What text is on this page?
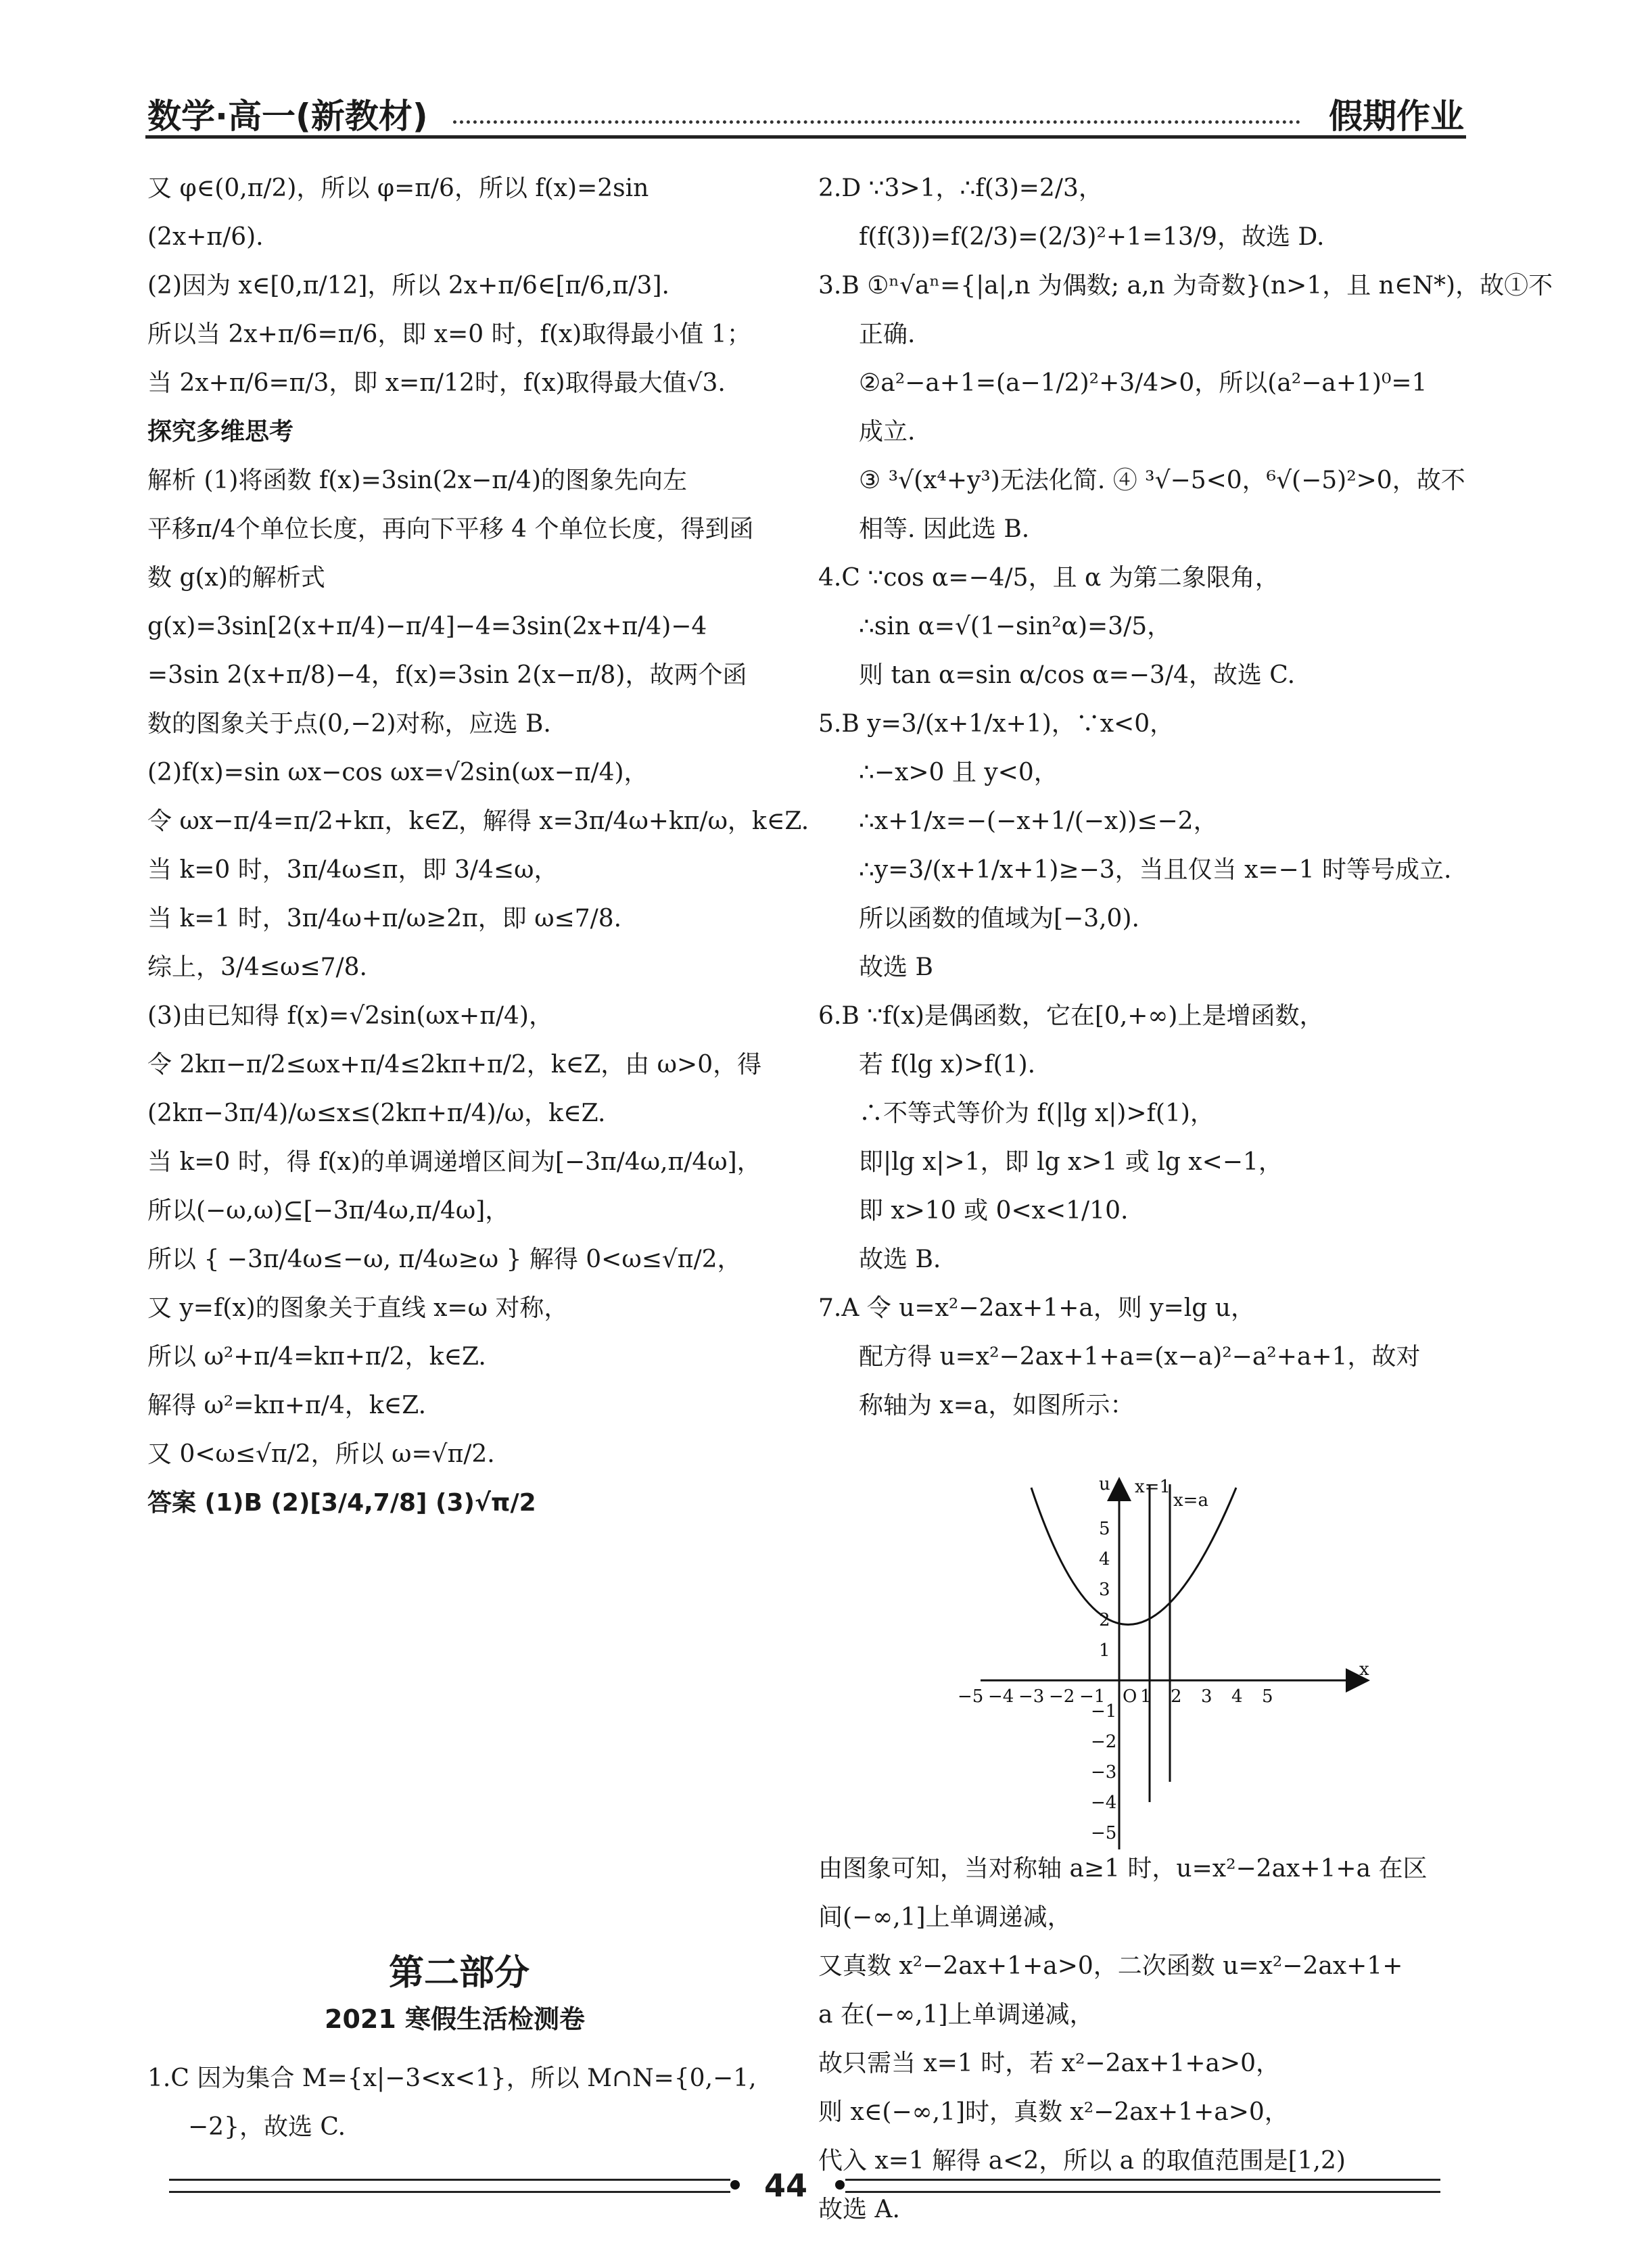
数学·高一(新教材)	假期作业

又 φ∈(0,π/2)，所以 φ=π/6，所以 f(x)=2sin

(2x+π/6).

(2)因为 x∈[0,π/12]，所以 2x+π/6∈[π/6,π/3].

所以当 2x+π/6=π/6，即 x=0 时，f(x)取得最小值 1；

当 2x+π/6=π/3，即 x=π/12时，f(x)取得最大值√3.

探究多维思考

解析 (1)将函数 f(x)=3sin(2x−π/4)的图象先向左

平移π/4个单位长度，再向下平移 4 个单位长度，得到函

数 g(x)的解析式

g(x)=3sin[2(x+π/4)−π/4]−4=3sin(2x+π/4)−4

=3sin 2(x+π/8)−4，f(x)=3sin 2(x−π/8)，故两个函

数的图象关于点(0,−2)对称，应选 B.

(2)f(x)=sin ωx−cos ωx=√2sin(ωx−π/4)，

令 ωx−π/4=π/2+kπ，k∈Z，解得 x=3π/4ω+kπ/ω，k∈Z.

当 k=0 时，3π/4ω≤π，即 3/4≤ω，

当 k=1 时，3π/4ω+π/ω≥2π，即 ω≤7/8.

综上，3/4≤ω≤7/8.

(3)由已知得 f(x)=√2sin(ωx+π/4)，

令 2kπ−π/2≤ωx+π/4≤2kπ+π/2，k∈Z，由 ω>0，得

(2kπ−3π/4)/ω≤x≤(2kπ+π/4)/ω，k∈Z.

当 k=0 时，得 f(x)的单调递增区间为[−3π/4ω,π/4ω]，

所以(−ω,ω)⊆[−3π/4ω,π/4ω]，

所以 { −3π/4ω≤−ω, π/4ω≥ω } 解得 0<ω≤√π/2，

又 y=f(x)的图象关于直线 x=ω 对称，

所以 ω²+π/4=kπ+π/2，k∈Z.

解得 ω²=kπ+π/4，k∈Z.

又 0<ω≤√π/2，所以 ω=√π/2.

答案 (1)B (2)[3/4,7/8] (3)√π/2

第二部分
2021 寒假生活检测卷

1.C 因为集合 M={x|−3<x<1}，所以 M∩N={0,−1,

−2}，故选 C.

2.D ∵3>1，∴f(3)=2/3，

f(f(3))=f(2/3)=(2/3)²+1=13/9，故选 D.

3.B ①ⁿ√aⁿ={|a|,n 为偶数; a,n 为奇数}(n>1，且 n∈N*)，故①不

正确.

②a²−a+1=(a−1/2)²+3/4>0，所以(a²−a+1)⁰=1

成立.

③ ³√(x⁴+y³)无法化简. ④ ³√−5<0，⁶√(−5)²>0，故不

相等. 因此选 B.

4.C ∵cos α=−4/5，且 α 为第二象限角，

∴sin α=√(1−sin²α)=3/5，

则 tan α=sin α/cos α=−3/4，故选 C.

5.B y=3/(x+1/x+1)，∵x<0，

∴−x>0 且 y<0，

∴x+1/x=−(−x+1/(−x))≤−2，

∴y=3/(x+1/x+1)≥−3，当且仅当 x=−1 时等号成立.

所以函数的值域为[−3,0).

故选 B

6.B ∵f(x)是偶函数，它在[0,+∞)上是增函数，

若 f(lg x)>f(1).

∴不等式等价为 f(|lg x|)>f(1)，

即|lg x|>1，即 lg x>1 或 lg x<−1，

即 x>10 或 0<x<1/10.

故选 B.

7.A 令 u=x²−2ax+1+a，则 y=lg u，

配方得 u=x²−2ax+1+a=(x−a)²−a²+a+1，故对

称轴为 x=a，如图所示：

x
u
O
−5 −4 −3 −2 −1 1 2 3 4 5
5
4
3
2
1
−1
−2
−3
−4
−5
x=1
x=a

由图象可知，当对称轴 a≥1 时，u=x²−2ax+1+a 在区

间(−∞,1]上单调递减，

又真数 x²−2ax+1+a>0，二次函数 u=x²−2ax+1+

a 在(−∞,1]上单调递减，

故只需当 x=1 时，若 x²−2ax+1+a>0，

则 x∈(−∞,1]时，真数 x²−2ax+1+a>0，

代入 x=1 解得 a<2，所以 a 的取值范围是[1,2)

故选 A.

44
